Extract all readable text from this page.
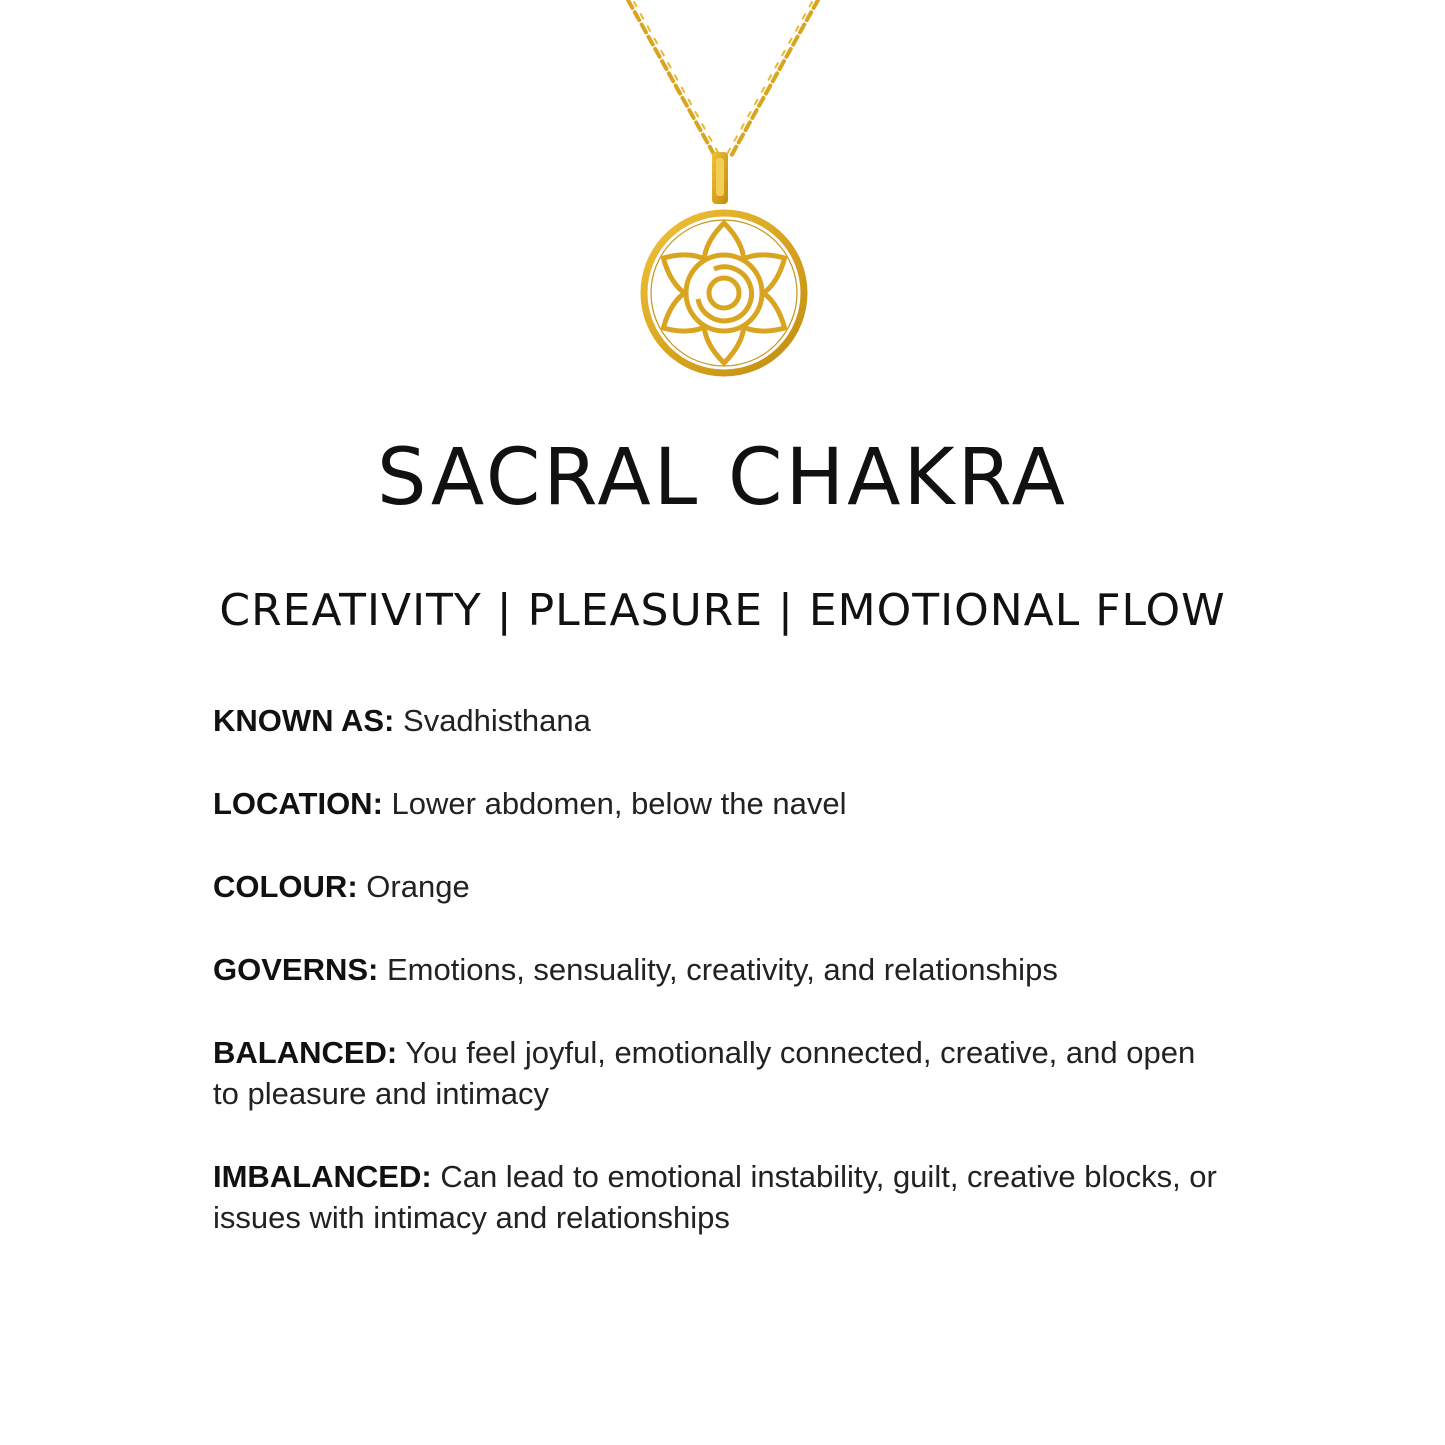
SACRAL CHAKRA

CREATIVITY | PLEASURE | EMOTIONAL FLOW

KNOWN AS: Svadhisthana
LOCATION: Lower abdomen, below the navel
COLOUR: Orange
GOVERNS: Emotions, sensuality, creativity, and relationships
BALANCED: You feel joyful, emotionally connected, creative, and open to pleasure and intimacy
IMBALANCED: Can lead to emotional instability, guilt, creative blocks, or issues with intimacy and relationships
